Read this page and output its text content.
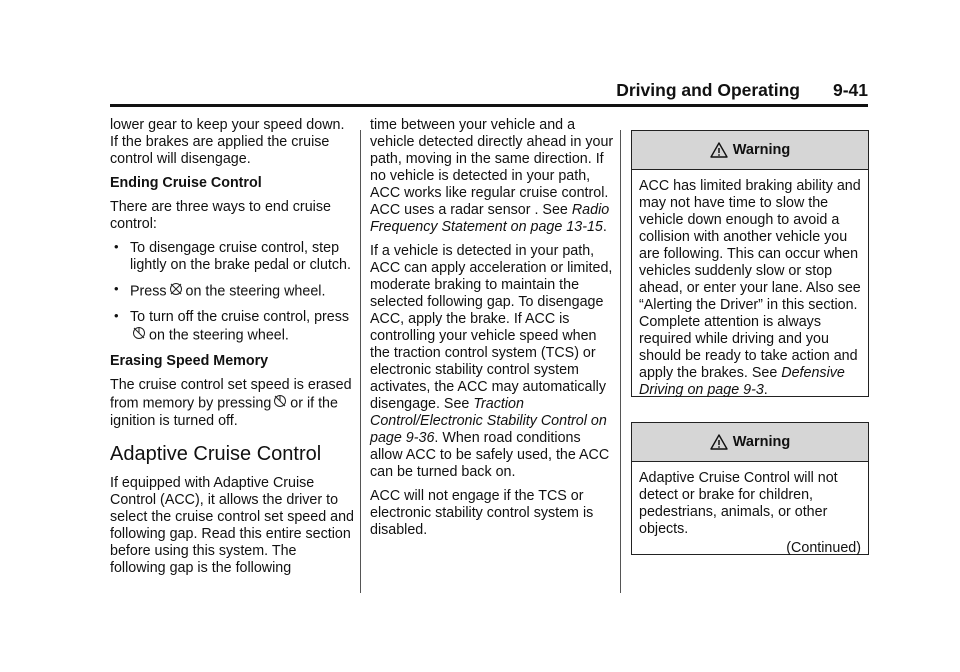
Driving and Operating 9-41

lower gear to keep your speed down. If the brakes are applied the cruise control will disengage.

Ending Cruise Control

There are three ways to end cruise control:

• To disengage cruise control, step lightly on the brake pedal or clutch.
• Press on the steering wheel.
• To turn off the cruise control, presson the steering wheel.

Erasing Speed Memory

The cruise control set speed is erased from memory by pressing or if the ignition is turned off.

Adaptive Cruise Control

If equipped with Adaptive Cruise Control (ACC), it allows the driver to select the cruise control set speed and following gap. Read this entire section before using this system. The following gap is the following

time between your vehicle and a vehicle detected directly ahead in your path, moving in the same direction. If no vehicle is detected in your path, ACC works like regular cruise control. ACC uses a radar sensor . See Radio Frequency Statement on page 13-15.

If a vehicle is detected in your path, ACC can apply acceleration or limited, moderate braking to maintain the selected following gap. To disengage ACC, apply the brake. If ACC is controlling your vehicle speed when the traction control system (TCS) or electronic stability control system activates, the ACC may automatically disengage. See Traction Control/Electronic Stability Control on page 9-36. When road conditions allow ACC to be safely used, the ACC can be turned back on.

ACC will not engage if the TCS or electronic stability control system is disabled.

Warning
ACC has limited braking ability and may not have time to slow the vehicle down enough to avoid a collision with another vehicle you are following. This can occur when vehicles suddenly slow or stop ahead, or enter your lane. Also see “Alerting the Driver” in this section. Complete attention is always required while driving and you should be ready to take action and apply the brakes. See Defensive Driving on page 9-3.
Warning
Adaptive Cruise Control will not detect or brake for children, pedestrians, animals, or other objects.
(Continued)
